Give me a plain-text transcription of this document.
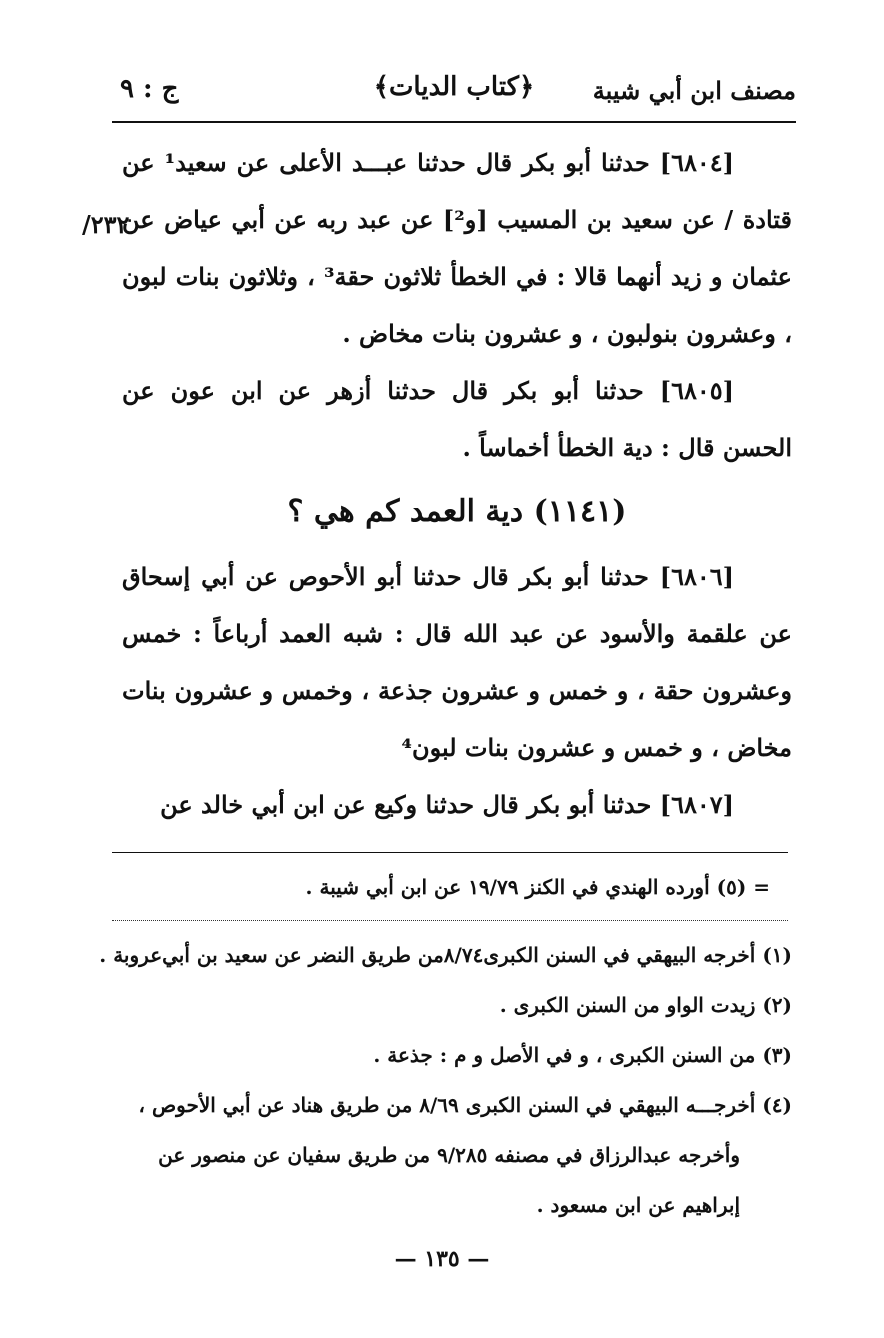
مصنف ابن أبي شيبة
﴿كتاب الديات﴾
ج : ٩

[٦٨٠٤] حدثنا أبو بكر قال حدثنا عبـــد الأعلى عن سعيد¹ عن قتادة / عن سعيد بن المسيب [و²] عن عبد ربه عن أبي عياض عن عثمان و زيد أنهما قالا : في الخطأ ثلاثون حقة³ ، وثلاثون بنات لبون ، وعشرون بنولبون ، و عشرون بنات مخاض .

[٦٨٠٥] حدثنا أبو بكر قال حدثنا أزهر عن ابن عون عن الحسن قال : دية الخطأ أخماساً .

(١١٤١) دية العمد كم هي ؟

[٦٨٠٦] حدثنا أبو بكر قال حدثنا أبو الأحوص عن أبي إسحاق عن علقمة والأسود عن عبد الله قال : شبه العمد أرباعاً : خمس وعشرون حقة ، و خمس و عشرون جذعة ، وخمس و عشرون بنات مخاض ، و خمس و عشرون بنات لبون⁴

[٦٨٠٧] حدثنا أبو بكر قال حدثنا وكيع عن ابن أبي خالد عن

٢٣٢/

= (٥) أورده الهندي في الكنز ١٩/٧٩ عن ابن أبي شيبة .

(١) أخرجه البيهقي في السنن الكبرى٨/٧٤من طريق النضر عن سعيد بن أبي‌عروبة .

(٢) زيدت الواو من السنن الكبرى .

(٣) من السنن الكبرى ، و في الأصل و م : جذعة .

(٤) أخرجـــه البيهقي في السنن الكبرى ٨/٦٩ من طريق هناد عن أبي الأحوص ،

وأخرجه عبدالرزاق في مصنفه ٩/٢٨٥ من طريق سفيان عن منصور عن

إبراهيم عن ابن مسعود .

— ١٣٥ —
